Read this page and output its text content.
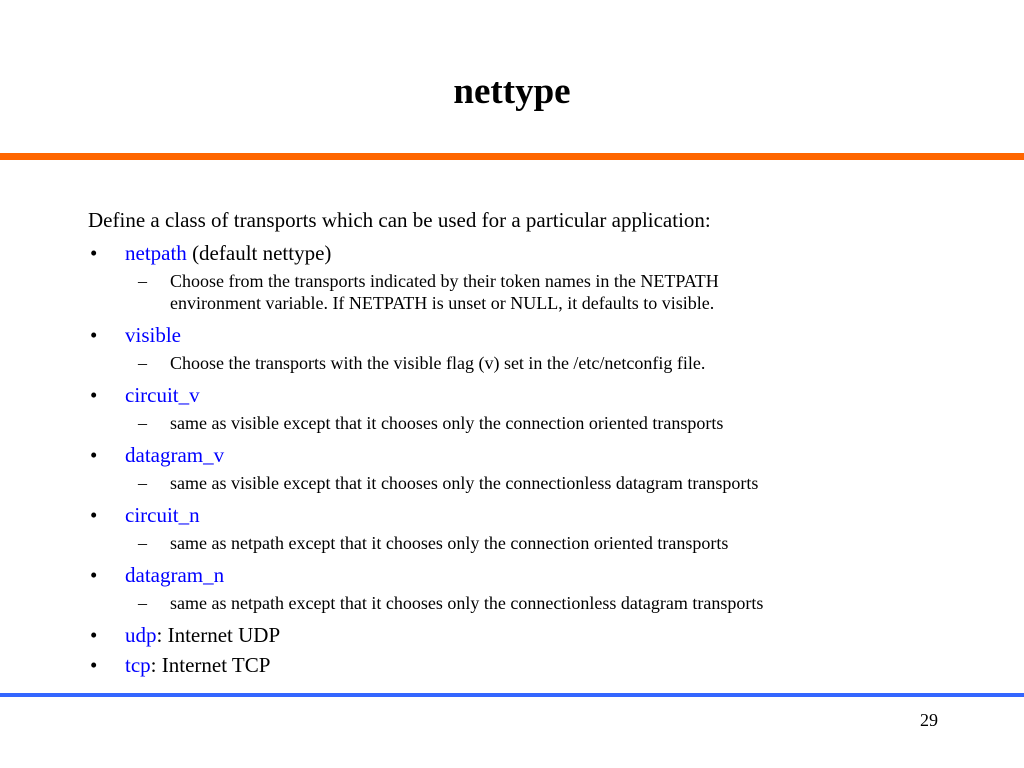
nettype

Define a class of transports which can be used for a particular application:

• netpath (default nettype)
– Choose from the transports indicated by their token names in the NETPATH
environment variable. If NETPATH is unset or NULL, it defaults to visible.
• visible
– Choose the transports with the visible flag (v) set in the /etc/netconfig file.
• circuit_v
– same as visible except that it chooses only the connection oriented transports
• datagram_v
– same as visible except that it chooses only the connectionless datagram transports
• circuit_n
– same as netpath except that it chooses only the connection oriented transports
• datagram_n
– same as netpath except that it chooses only the connectionless datagram transports
• udp: Internet UDP
• tcp: Internet TCP
29
